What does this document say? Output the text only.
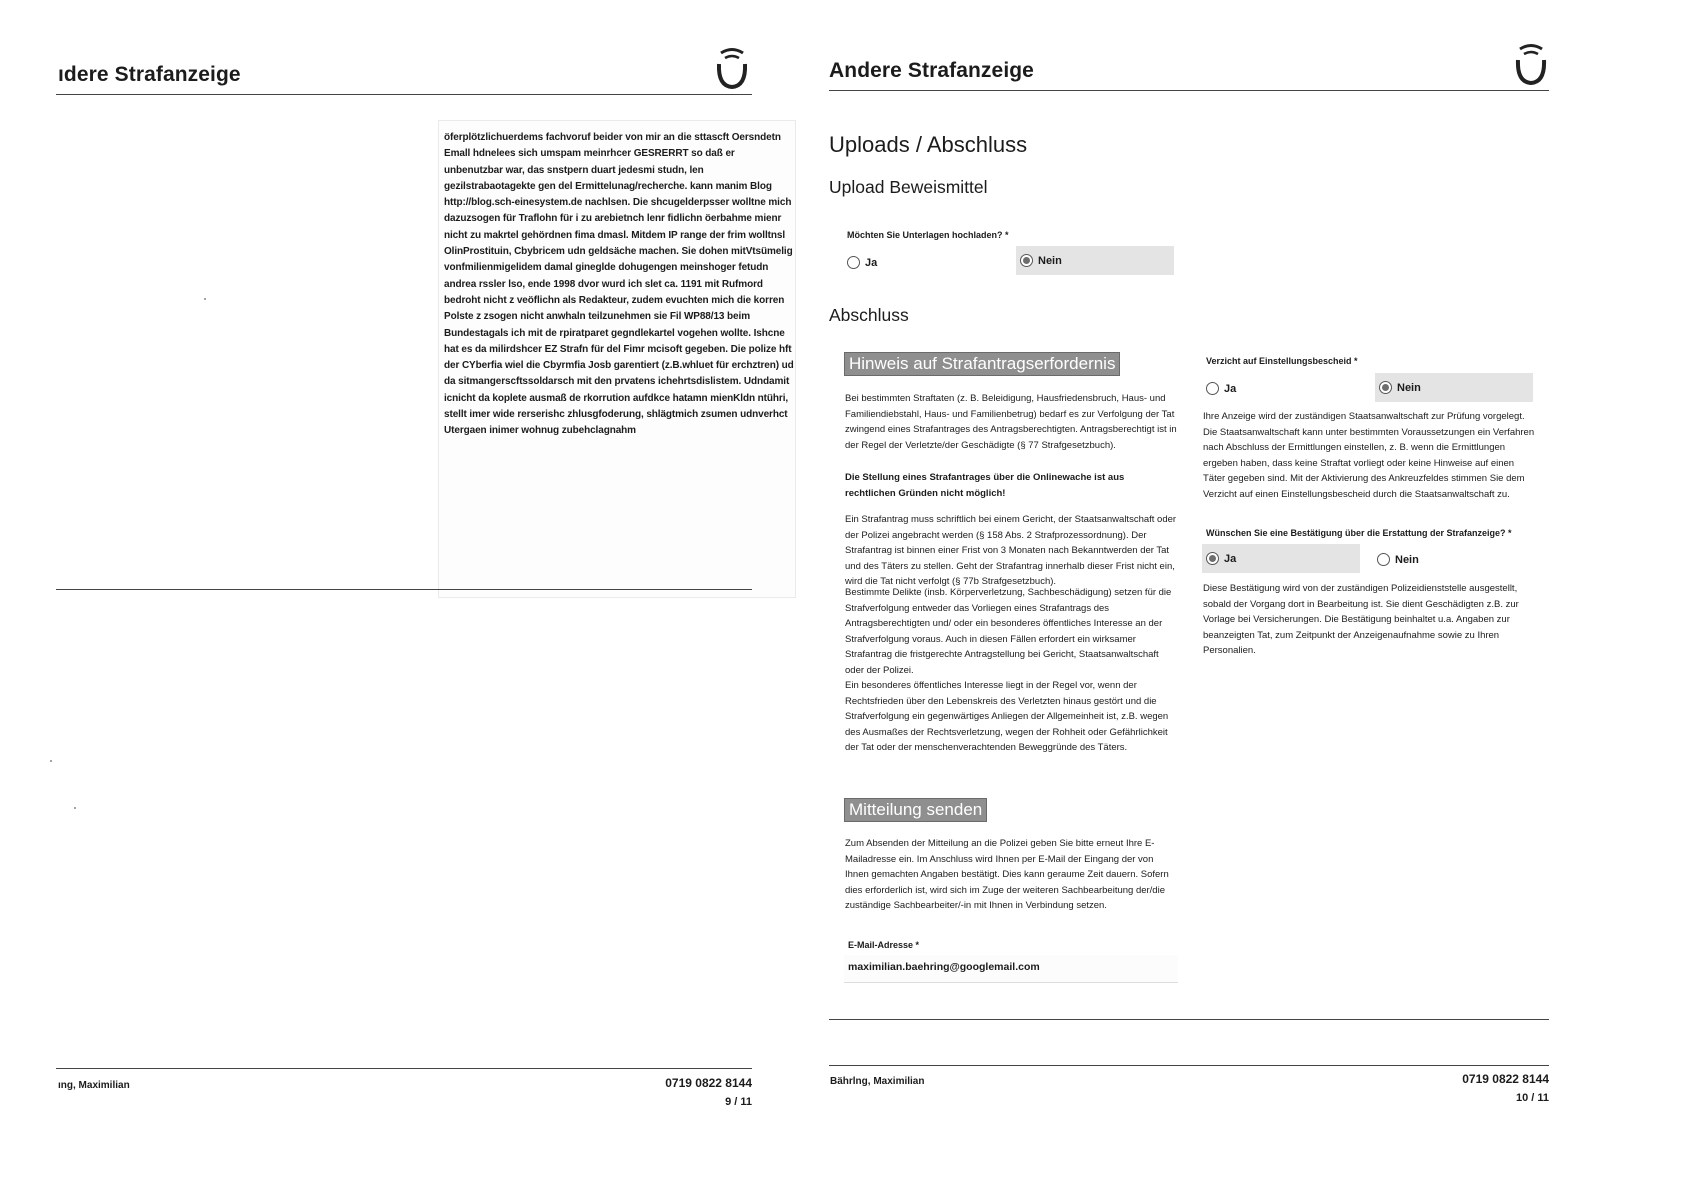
ıdere Strafanzeige
öferplötzlichuerdems fachvoruf beider von mir an die sttascft Oersndetn Emall hdnelees sich umspam meinrhcer GESRERRT so daß er unbenutzbar war, das snstpern duart jedesmi studn, len gezilstrabaotagekte gen del Ermittelunag/recherche. kann manim Blog http://blog.sch-einesystem.de nachlsen. Die shcugelderpsser wolltne mich dazuzsogen für Traflohn für i zu arebietnch lenr fidlichn öerbahme mienr nicht zu makrtel gehördnen fima dmasl. Mitdem IP range der frim wolltnsl OlinProstituin, Cbybricem udn geldsäche machen. Sie dohen mitVtsümelig vonfmilienmigelidem damal gineglde dohugengen meinshoger fetudn andrea rssler lso, ende 1998 dvor wurd ich slet ca. 1191 mit Rufmord bedroht nicht z veöflichn als Redakteur, zudem evuchten mich die korren Polste z zsogen nicht anwhaln teilzunehmen sie Fil WP88/13 beim Bundestagals ich mit de rpiratparet gegndlekartel vogehen wollte. Ishcne hat es da milirdshcer EZ Strafn für del Fimr mcisoft gegeben. Die polize hft der CYberfia wiel die Cbyrmfia Josb garentiert (z.B.whluet für erchztren) ud da sitmangerscftssoldarsch mit den prvatens ichehrtsdislistem. Udndamit icnicht da koplete ausmaß de rkorrution aufdkce hatamn mienKldn ntühri, stellt imer wide rerserishc zhlusgfoderung, shlägtmich zsumen udnverhct Utergaen inimer wohnug zubehclagnahm
ıng, Maximilian	0719 0822 8144
9 / 11
Andere Strafanzeige
Uploads / Abschluss
Upload Beweismittel
Möchten Sie Unterlagen hochladen? *
Ja	Nein
Abschluss
Hinweis auf Strafantragserfordernis
Bei bestimmten Straftaten (z. B. Beleidigung, Hausfriedensbruch, Haus- und Familiendiebstahl, Haus- und Familienbetrug) bedarf es zur Verfolgung der Tat zwingend eines Strafantrages des Antragsberechtigten. Antragsberechtigt ist in der Regel der Verletzte/der Geschädigte (§ 77 Strafgesetzbuch).
Die Stellung eines Strafantrages über die Onlinewache ist aus rechtlichen Gründen nicht möglich!
Ein Strafantrag muss schriftlich bei einem Gericht, der Staatsanwaltschaft oder der Polizei angebracht werden (§ 158 Abs. 2 Strafprozessordnung). Der Strafantrag ist binnen einer Frist von 3 Monaten nach Bekanntwerden der Tat und des Täters zu stellen. Geht der Strafantrag innerhalb dieser Frist nicht ein, wird die Tat nicht verfolgt (§ 77b Strafgesetzbuch).
Bestimmte Delikte (insb. Körperverletzung, Sachbeschädigung) setzen für die Strafverfolgung entweder das Vorliegen eines Strafantrags des Antragsberechtigten und/ oder ein besonderes öffentliches Interesse an der Strafverfolgung voraus. Auch in diesen Fällen erfordert ein wirksamer Strafantrag die fristgerechte Antragstellung bei Gericht, Staatsanwaltschaft oder der Polizei.
Ein besonderes öffentliches Interesse liegt in der Regel vor, wenn der Rechtsfrieden über den Lebenskreis des Verletzten hinaus gestört und die Strafverfolgung ein gegenwärtiges Anliegen der Allgemeinheit ist, z.B. wegen des Ausmaßes der Rechtsverletzung, wegen der Rohheit oder Gefährlichkeit der Tat oder der menschenverachtenden Beweggründe des Täters.
Verzicht auf Einstellungsbescheid *
Ja	Nein
Ihre Anzeige wird der zuständigen Staatsanwaltschaft zur Prüfung vorgelegt. Die Staatsanwaltschaft kann unter bestimmten Voraussetzungen ein Verfahren nach Abschluss der Ermittlungen einstellen, z. B. wenn die Ermittlungen ergeben haben, dass keine Straftat vorliegt oder keine Hinweise auf einen Täter gegeben sind. Mit der Aktivierung des Ankreuzfeldes stimmen Sie dem Verzicht auf einen Einstellungsbescheid durch die Staatsanwaltschaft zu.
Wünschen Sie eine Bestätigung über die Erstattung der Strafanzeige? *
Ja	Nein
Diese Bestätigung wird von der zuständigen Polizeidienststelle ausgestellt, sobald der Vorgang dort in Bearbeitung ist. Sie dient Geschädigten z.B. zur Vorlage bei Versicherungen. Die Bestätigung beinhaltet u.a. Angaben zur beanzeigten Tat, zum Zeitpunkt der Anzeigenaufnahme sowie zu Ihren Personalien.
Mitteilung senden
Zum Absenden der Mitteilung an die Polizei geben Sie bitte erneut Ihre E-Mailadresse ein. Im Anschluss wird Ihnen per E-Mail der Eingang der von Ihnen gemachten Angaben bestätigt. Dies kann geraume Zeit dauern. Sofern dies erforderlich ist, wird sich im Zuge der weiteren Sachbearbeitung der/die zuständige Sachbearbeiter/-in mit Ihnen in Verbindung setzen.
E-Mail-Adresse *
maximilian.baehring@googlemail.com
Bährlng, Maximilian	0719 0822 8144
10 / 11
